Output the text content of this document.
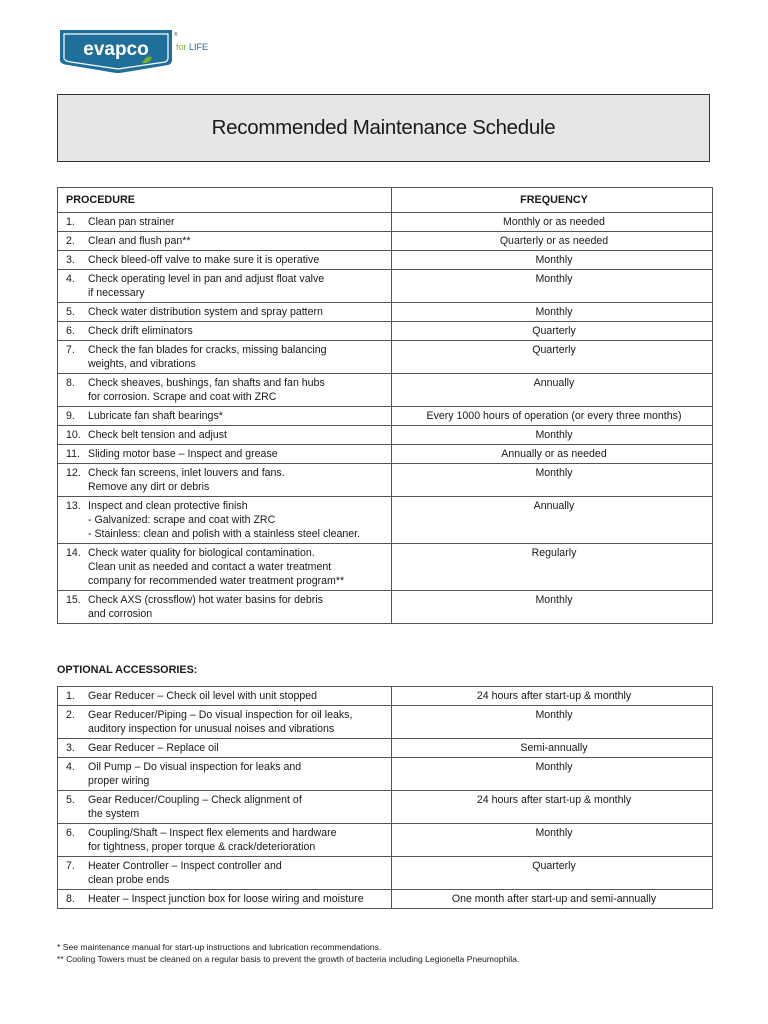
evapco
®
for LIFE
Recommended Maintenance Schedule
PROCEDURE	FREQUENCY

1. Clean pan strainer	Monthly or as needed

2. Clean and flush pan**	Quarterly or as needed

3. Check bleed-off valve to make sure it is operative	Monthly

4. Check operating level in pan and adjust float valve
if necessary	Monthly

5. Check water distribution system and spray pattern	Monthly

6. Check drift eliminators	Quarterly

7. Check the fan blades for cracks, missing balancing
weights, and vibrations	Quarterly

8. Check sheaves, bushings, fan shafts and fan hubs
for corrosion. Scrape and coat with ZRC	Annually

9. Lubricate fan shaft bearings*	Every 1000 hours of operation (or every three months)

10. Check belt tension and adjust	Monthly

11. Sliding motor base – Inspect and grease	Annually or as needed

12. Check fan screens, inlet louvers and fans.
Remove any dirt or debris	Monthly

13. Inspect and clean protective finish
- Galvanized: scrape and coat with ZRC
- Stainless: clean and polish with a stainless steel cleaner.	Annually

14. Check water quality for biological contamination.
Clean unit as needed and contact a water treatment
company for recommended water treatment program**	Regularly

15. Check AXS (crossflow) hot water basins for debris
and corrosion	Monthly
OPTIONAL ACCESSORIES:
1. Gear Reducer – Check oil level with unit stopped	24 hours after start-up & monthly

2. Gear Reducer/Piping – Do visual inspection for oil leaks,
auditory inspection for unusual noises and vibrations	Monthly

3. Gear Reducer – Replace oil	Semi-annually

4. Oil Pump – Do visual inspection for leaks and
proper wiring	Monthly

5. Gear Reducer/Coupling – Check alignment of
the system	24 hours after start-up & monthly

6. Coupling/Shaft – Inspect flex elements and hardware
for tightness, proper torque & crack/deterioration	Monthly

7. Heater Controller – Inspect controller and
clean probe ends	Quarterly

8. Heater – Inspect junction box for loose wiring and moisture	One month after start-up and semi-annually
* See maintenance manual for start-up instructions and lubrication recommendations.
** Cooling Towers must be cleaned on a regular basis to prevent the growth of bacteria including Legionella Pneumophila.
